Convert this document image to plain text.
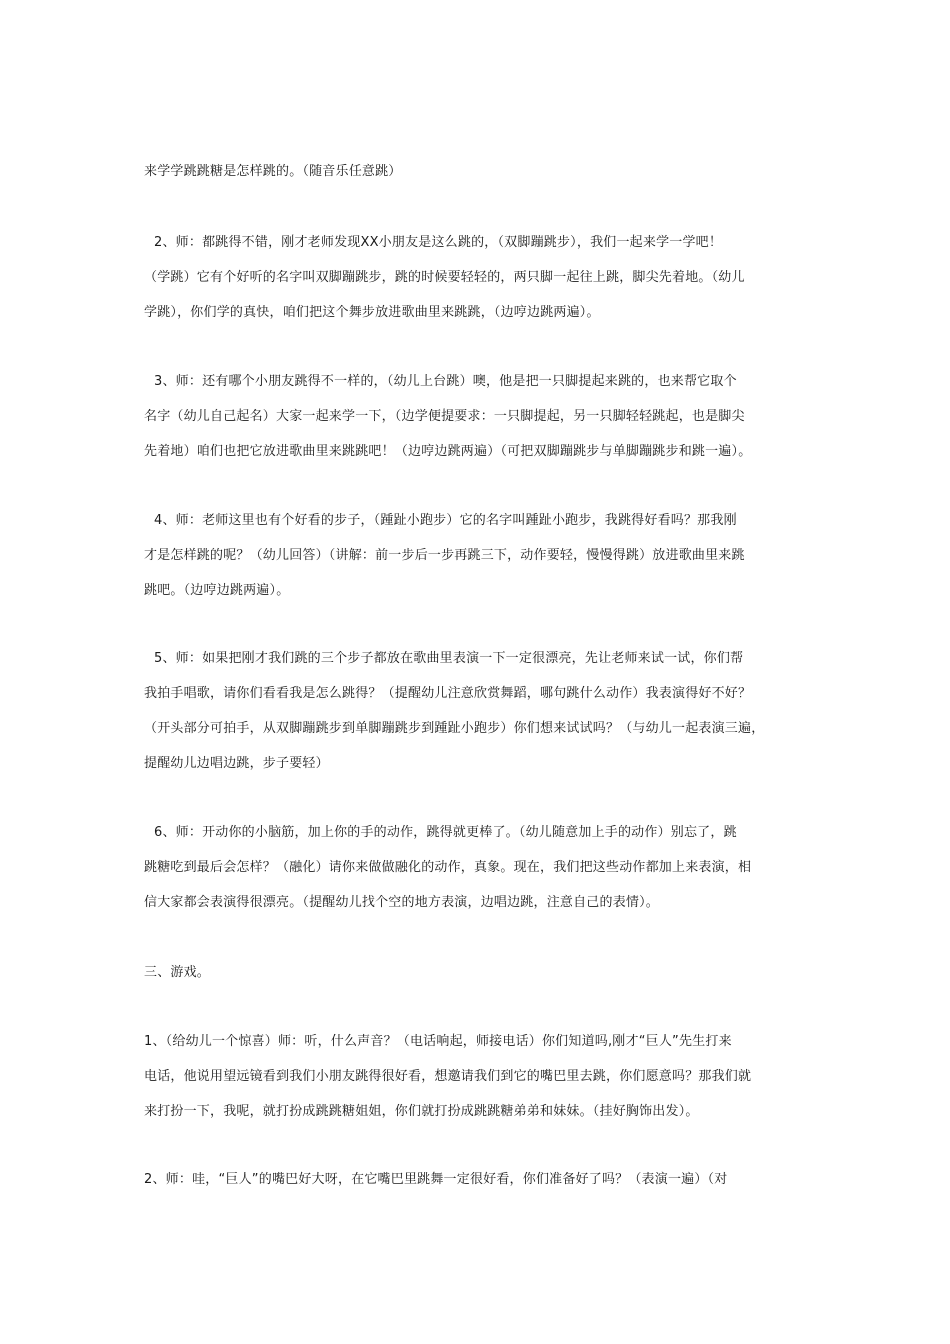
来学学跳跳糖是怎样跳的。（随音乐任意跳）
2、师：都跳得不错，刚才老师发现XX小朋友是这么跳的，（双脚蹦跳步），我们一起来学一学吧！
（学跳）它有个好听的名字叫双脚蹦跳步，跳的时候要轻轻的，两只脚一起往上跳，脚尖先着地。（幼儿
学跳），你们学的真快，咱们把这个舞步放进歌曲里来跳跳，（边哼边跳两遍）。
3、师：还有哪个小朋友跳得不一样的，（幼儿上台跳）噢，他是把一只脚提起来跳的，也来帮它取个
名字（幼儿自己起名）大家一起来学一下，（边学便提要求：一只脚提起，另一只脚轻轻跳起，也是脚尖
先着地）咱们也把它放进歌曲里来跳跳吧！（边哼边跳两遍）（可把双脚蹦跳步与单脚蹦跳步和跳一遍）。
4、师：老师这里也有个好看的步子，（踵趾小跑步）它的名字叫踵趾小跑步，我跳得好看吗？那我刚
才是怎样跳的呢？（幼儿回答）（讲解：前一步后一步再跳三下，动作要轻，慢慢得跳）放进歌曲里来跳
跳吧。（边哼边跳两遍）。
5、师：如果把刚才我们跳的三个步子都放在歌曲里表演一下一定很漂亮，先让老师来试一试，你们帮
我拍手唱歌，请你们看看我是怎么跳得？（提醒幼儿注意欣赏舞蹈，哪句跳什么动作）我表演得好不好？
（开头部分可拍手，从双脚蹦跳步到单脚蹦跳步到踵趾小跑步）你们想来试试吗？（与幼儿一起表演三遍，
提醒幼儿边唱边跳，步子要轻）
6、师：开动你的小脑筋，加上你的手的动作，跳得就更棒了。（幼儿随意加上手的动作）别忘了，跳
跳糖吃到最后会怎样？（融化）请你来做做融化的动作，真象。现在，我们把这些动作都加上来表演，相
信大家都会表演得很漂亮。（提醒幼儿找个空的地方表演，边唱边跳，注意自己的表情）。
三、游戏。
1、（给幼儿一个惊喜）师：听，什么声音？（电话响起，师接电话）你们知道吗,刚才“巨人”先生打来
电话，他说用望远镜看到我们小朋友跳得很好看，想邀请我们到它的嘴巴里去跳，你们愿意吗？那我们就
来打扮一下，我呢，就打扮成跳跳糖姐姐，你们就打扮成跳跳糖弟弟和妹妹。（挂好胸饰出发）。
2、师：哇，“巨人”的嘴巴好大呀，在它嘴巴里跳舞一定很好看，你们准备好了吗？（表演一遍）（对
